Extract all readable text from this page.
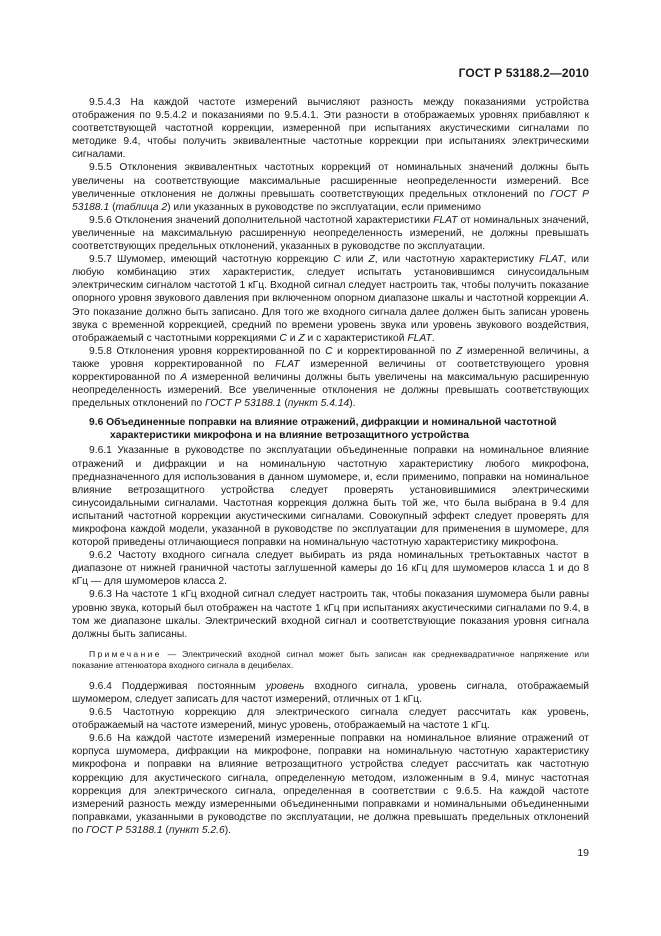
ГОСТ Р 53188.2—2010

9.5.4.3 На каждой частоте измерений вычисляют разность между показаниями устройства отображения по 9.5.4.2 и показаниями по 9.5.4.1. Эти разности в отображаемых уровнях прибавляют к соответствующей частотной коррекции, измеренной при испытаниях акустическими сигналами по методике 9.4, чтобы получить эквивалентные частотные коррекции при испытаниях электрическими сигналами.

9.5.5 Отклонения эквивалентных частотных коррекций от номинальных значений должны быть увеличены на соответствующие максимальные расширенные неопределенности измерений. Все увеличенные отклонения не должны превышать соответствующих предельных отклонений по ГОСТ Р 53188.1 (таблица 2) или указанных в руководстве по эксплуатации, если применимо

9.5.6 Отклонения значений дополнительной частотной характеристики FLAT от номинальных значений, увеличенные на максимальную расширенную неопределенность измерений, не должны превышать соответствующих предельных отклонений, указанных в руководстве по эксплуатации.

9.5.7 Шумомер, имеющий частотную коррекцию C или Z, или частотную характеристику FLAT, или любую комбинацию этих характеристик, следует испытать установившимся синусоидальным электрическим сигналом частотой 1 кГц. Входной сигнал следует настроить так, чтобы получить показание опорного уровня звукового давления при включенном опорном диапазоне шкалы и частотной коррекции A. Это показание должно быть записано. Для того же входного сигнала далее должен быть записан уровень звука с временной коррекцией, средний по времени уровень звука или уровень звукового воздействия, отображаемый с частотными коррекциями C и Z и с характеристикой FLAT.

9.5.8 Отклонения уровня корректированной по C и корректированной по Z измеренной величины, а также уровня корректированной по FLAT измеренной величины от соответствующего уровня корректированной по A измеренной величины должны быть увеличены на максимальную расширенную неопределенность измерений. Все увеличенные отклонения не должны превышать соответствующих предельных отклонений по ГОСТ Р 53188.1 (пункт 5.4.14).

9.6 Объединенные поправки на влияние отражений, дифракции и номинальной частотной характеристики микрофона и на влияние ветрозащитного устройства

9.6.1 Указанные в руководстве по эксплуатации объединенные поправки на номинальное влияние отражений и дифракции и на номинальную частотную характеристику любого микрофона, предназначенного для использования в данном шумомере, и, если применимо, поправки на номинальное влияние ветрозащитного устройства следует проверять установившимися электрическими синусоидальными сигналами. Частотная коррекция должна быть той же, что была выбрана в 9.4 для испытаний частотной коррекции акустическими сигналами. Совокупный эффект следует проверять для микрофона каждой модели, указанной в руководстве по эксплуатации для применения в шумомере, для которой приведены отличающиеся поправки на номинальную частотную характеристику микрофона.

9.6.2 Частоту входного сигнала следует выбирать из ряда номинальных третьоктавных частот в диапазоне от нижней граничной частоты заглушенной камеры до 16 кГц для шумомеров класса 1 и до 8 кГц — для шумомеров класса 2.

9.6.3 На частоте 1 кГц входной сигнал следует настроить так, чтобы показания шумомера были равны уровню звука, который был отображен на частоте 1 кГц при испытаниях акустическими сигналами по 9.4, в том же диапазоне шкалы. Электрический входной сигнал и соответствующие показания уровня сигнала должны быть записаны.

Примечание — Электрический входной сигнал может быть записан как среднеквадратичное напряжение или показание аттенюатора входного сигнала в децибелах.

9.6.4 Поддерживая постоянным уровень входного сигнала, уровень сигнала, отображаемый шумомером, следует записать для частот измерений, отличных от 1 кГц.

9.6.5 Частотную коррекцию для электрического сигнала следует рассчитать как уровень, отображаемый на частоте измерений, минус уровень, отображаемый на частоте 1 кГц.

9.6.6 На каждой частоте измерений измеренные поправки на номинальное влияние отражений от корпуса шумомера, дифракции на микрофоне, поправки на номинальную частотную характеристику микрофона и поправки на влияние ветрозащитного устройства следует рассчитать как частотную коррекцию для акустического сигнала, определенную методом, изложенным в 9.4, минус частотная коррекция для электрического сигнала, определенная в соответствии с 9.6.5. На каждой частоте измерений разность между измеренными объединенными поправками и номинальными объединенными поправками, указанными в руководстве по эксплуатации, не должна превышать предельных отклонений по ГОСТ Р 53188.1 (пункт 5.2.6).

19
